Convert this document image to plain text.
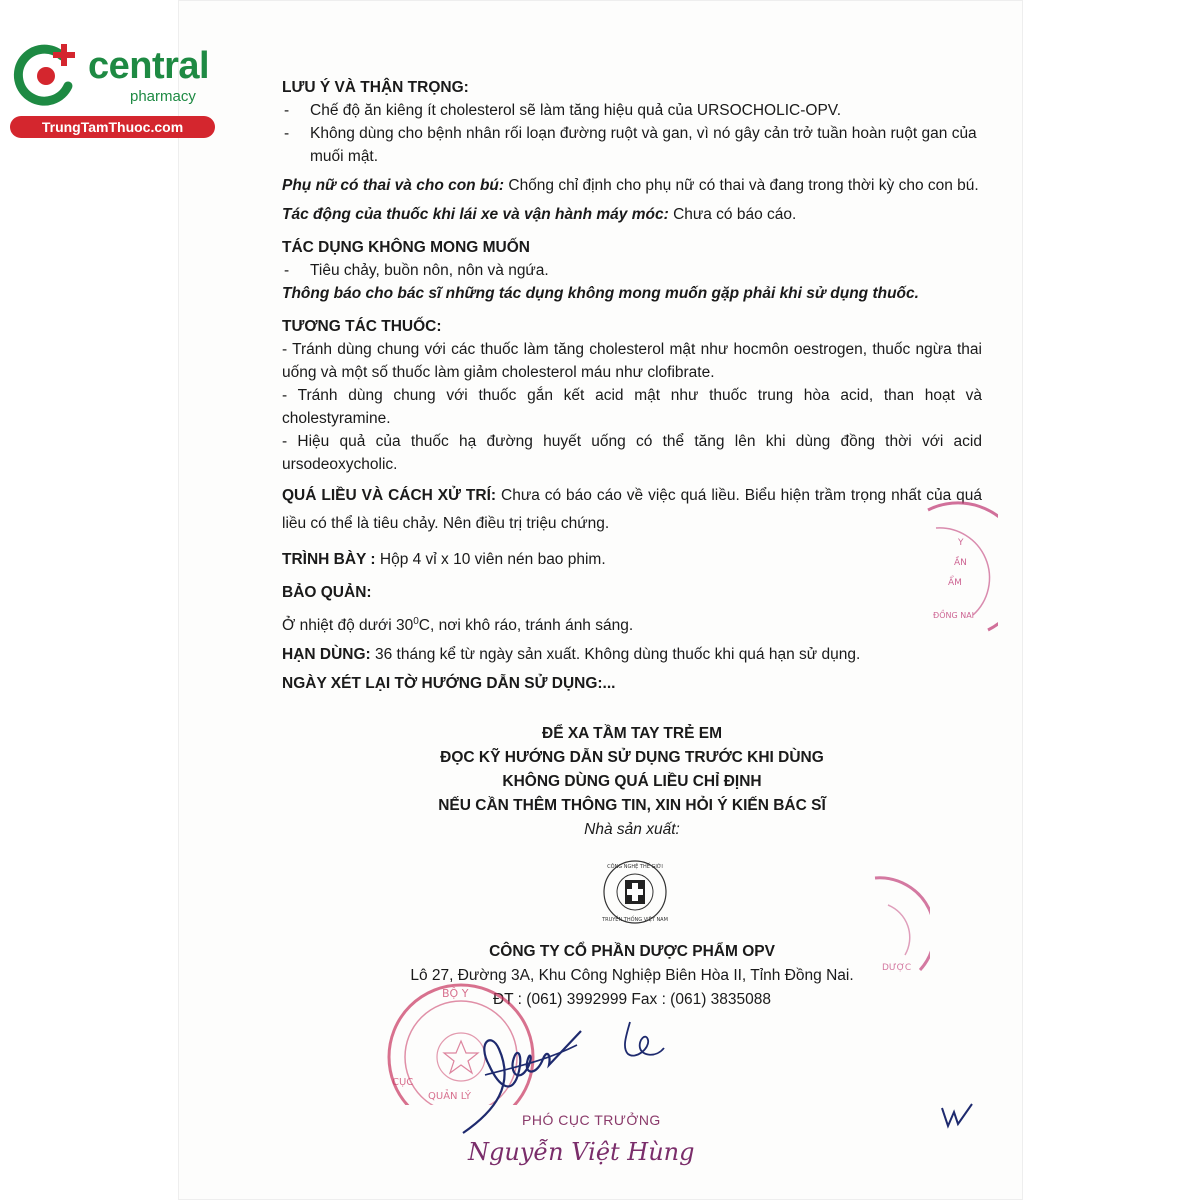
central
pharmacy
TrungTamThuoc.com

LƯU Ý VÀ THẬN TRỌNG:

- Chế độ ăn kiêng ít cholesterol sẽ làm tăng hiệu quả của URSOCHOLIC-OPV.

- Không dùng cho bệnh nhân rối loạn đường ruột và gan, vì nó gây cản trở tuần hoàn ruột gan của muối mật.

Phụ nữ có thai và cho con bú: Chống chỉ định cho phụ nữ có thai và đang trong thời kỳ cho con bú.

Tác động của thuốc khi lái xe và vận hành máy móc: Chưa có báo cáo.

TÁC DỤNG KHÔNG MONG MUỐN

- Tiêu chảy, buồn nôn, nôn và ngứa.

Thông báo cho bác sĩ những tác dụng không mong muốn gặp phải khi sử dụng thuốc.

TƯƠNG TÁC THUỐC:

- Tránh dùng chung với các thuốc làm tăng cholesterol mật như hocmôn oestrogen, thuốc ngừa thai uống và một số thuốc làm giảm cholesterol máu như clofibrate.

- Tránh dùng chung với thuốc gắn kết acid mật như thuốc trung hòa acid, than hoạt và cholestyramine.

- Hiệu quả của thuốc hạ đường huyết uống có thể tăng lên khi dùng đồng thời với acid ursodeoxycholic.

QUÁ LIỀU VÀ CÁCH XỬ TRÍ: Chưa có báo cáo về việc quá liều. Biểu hiện trầm trọng nhất của quá liều có thể là tiêu chảy. Nên điều trị triệu chứng.

TRÌNH BÀY : Hộp 4 vỉ x 10 viên nén bao phim.

BẢO QUẢN:

Ở nhiệt độ dưới $30^0C$, nơi khô ráo, tránh ánh sáng.

HẠN DÙNG: 36 tháng kể từ ngày sản xuất. Không dùng thuốc khi quá hạn sử dụng.

NGÀY XÉT LẠI TỜ HƯỚNG DẪN SỬ DỤNG:...

ĐỂ XA TẦM TAY TRẺ EM

ĐỌC KỸ HƯỚNG DẪN SỬ DỤNG TRƯỚC KHI DÙNG

KHÔNG DÙNG QUÁ LIỀU CHỈ ĐỊNH

NẾU CẦN THÊM THÔNG TIN, XIN HỎI Ý KIẾN BÁC SĨ

Nhà sản xuất:

CÔNG NGHỆ THẾ GIỚI
TRUYỀN THỐNG VIỆT NAM

CÔNG TY CỔ PHẦN DƯỢC PHẨM OPV

Lô 27, Đường 3A, Khu Công Nghiệp Biên Hòa II, Tỉnh Đồng Nai.

ĐT : (061) 3992999 Fax : (061) 3835088

Y
ẦN
ẨM
ĐỒNG NAI
DƯỢC
BỘ Y
CỤC
QUẢN LÝ
PHÓ CỤC TRƯỞNG
Nguyễn Việt Hùng
